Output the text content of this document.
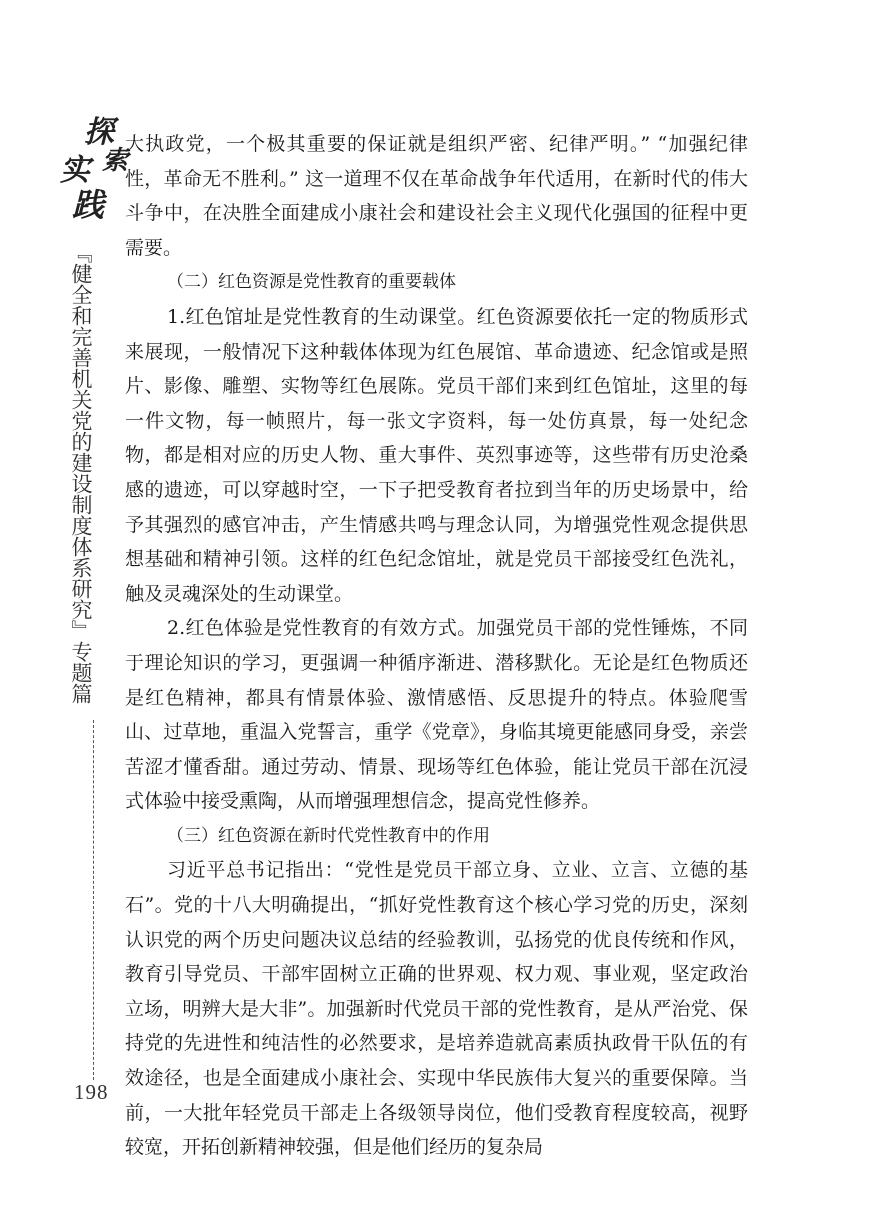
探
索
实
践
『健全和完善机关党的建设制度体系研究』专题篇
198

大执政党，一个极其重要的保证就是组织严密、纪律严明。” “加强纪律性，革命无不胜利。” 这一道理不仅在革命战争年代适用，在新时代的伟大斗争中，在决胜全面建成小康社会和建设社会主义现代化强国的征程中更需要。

（二）红色资源是党性教育的重要载体

1.红色馆址是党性教育的生动课堂。红色资源要依托一定的物质形式来展现，一般情况下这种载体体现为红色展馆、革命遗迹、纪念馆或是照片、影像、雕塑、实物等红色展陈。党员干部们来到红色馆址，这里的每一件文物，每一帧照片，每一张文字资料，每一处仿真景，每一处纪念物，都是相对应的历史人物、重大事件、英烈事迹等，这些带有历史沧桑感的遗迹，可以穿越时空，一下子把受教育者拉到当年的历史场景中，给予其强烈的感官冲击，产生情感共鸣与理念认同，为增强党性观念提供思想基础和精神引领。这样的红色纪念馆址，就是党员干部接受红色洗礼，触及灵魂深处的生动课堂。

2.红色体验是党性教育的有效方式。加强党员干部的党性锤炼，不同于理论知识的学习，更强调一种循序渐进、潜移默化。无论是红色物质还是红色精神，都具有情景体验、激情感悟、反思提升的特点。体验爬雪山、过草地，重温入党誓言，重学《党章》，身临其境更能感同身受，亲尝苦涩才懂香甜。通过劳动、情景、现场等红色体验，能让党员干部在沉浸式体验中接受熏陶，从而增强理想信念，提高党性修养。

（三）红色资源在新时代党性教育中的作用

习近平总书记指出：“党性是党员干部立身、立业、立言、立德的基石”。党的十八大明确提出，“抓好党性教育这个核心学习党的历史，深刻认识党的两个历史问题决议总结的经验教训，弘扬党的优良传统和作风，教育引导党员、干部牢固树立正确的世界观、权力观、事业观，坚定政治立场，明辨大是大非”。加强新时代党员干部的党性教育，是从严治党、保持党的先进性和纯洁性的必然要求，是培养造就高素质执政骨干队伍的有效途径，也是全面建成小康社会、实现中华民族伟大复兴的重要保障。当前，一大批年轻党员干部走上各级领导岗位，他们受教育程度较高，视野较宽，开拓创新精神较强，但是他们经历的复杂局
